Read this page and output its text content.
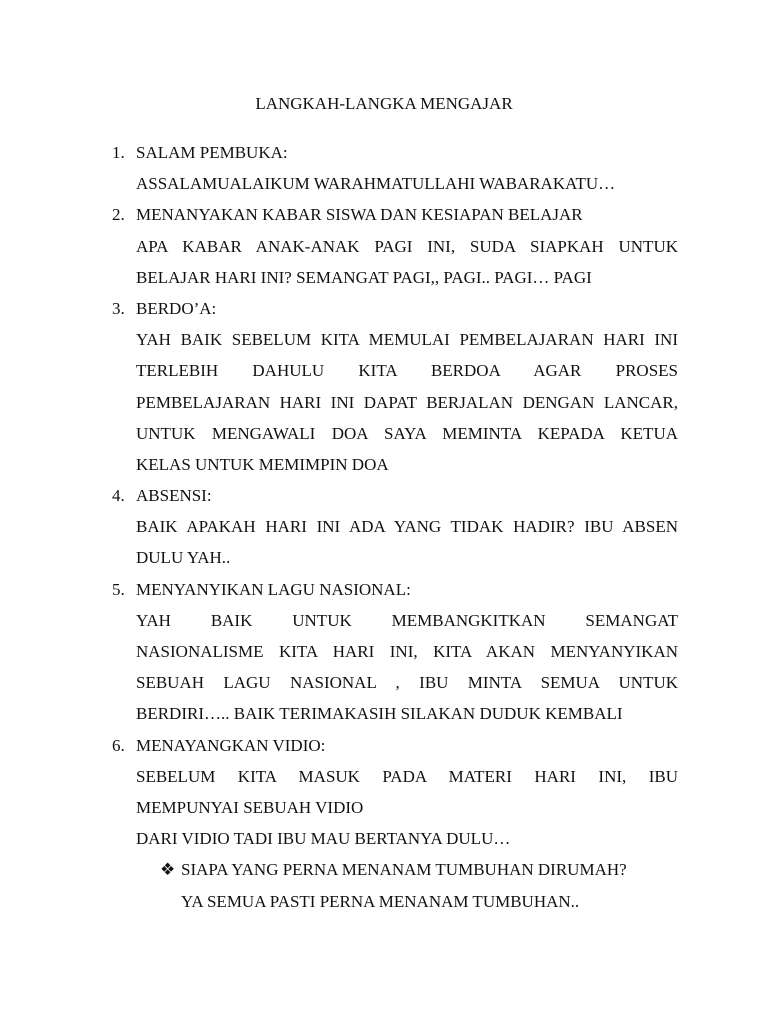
LANGKAH-LANGKA MENGAJAR
1. SALAM PEMBUKA:
ASSALAMUALAIKUM WARAHMATULLAHI WABARAKATU…
2. MENANYAKAN KABAR SISWA DAN KESIAPAN BELAJAR
APA KABAR ANAK-ANAK PAGI INI, SUDA SIAPKAH UNTUK
BELAJAR HARI INI? SEMANGAT PAGI,, PAGI.. PAGI… PAGI
3. BERDO’A:
YAH BAIK SEBELUM KITA MEMULAI PEMBELAJARAN HARI INI
TERLEBIH DAHULU KITA BERDOA AGAR PROSES
PEMBELAJARAN HARI INI DAPAT BERJALAN DENGAN LANCAR,
UNTUK MENGAWALI DOA SAYA MEMINTA KEPADA KETUA
KELAS UNTUK MEMIMPIN DOA
4. ABSENSI:
BAIK APAKAH HARI INI ADA YANG TIDAK HADIR? IBU ABSEN
DULU YAH..
5. MENYANYIKAN LAGU NASIONAL:
YAH BAIK UNTUK MEMBANGKITKAN SEMANGAT
NASIONALISME KITA HARI INI, KITA AKAN MENYANYIKAN
SEBUAH LAGU NASIONAL , IBU MINTA SEMUA UNTUK
BERDIRI….. BAIK TERIMAKASIH SILAKAN DUDUK KEMBALI
6. MENAYANGKAN VIDIO:
SEBELUM KITA MASUK PADA MATERI HARI INI, IBU
MEMPUNYAI SEBUAH VIDIO
DARI VIDIO TADI IBU MAU BERTANYA DULU…
❖ SIAPA YANG PERNA MENANAM TUMBUHAN DIRUMAH?
YA SEMUA PASTI PERNA MENANAM TUMBUHAN..
